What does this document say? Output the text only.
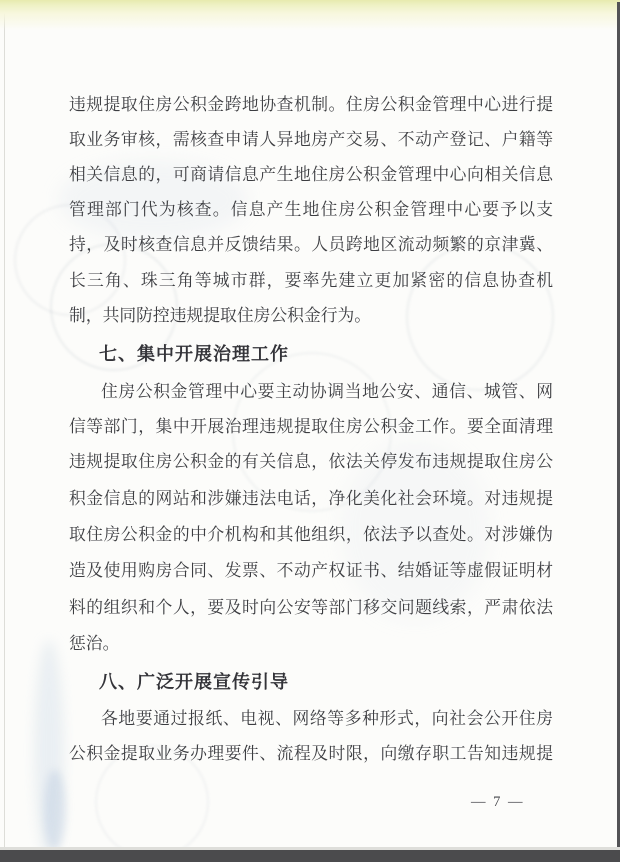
违规提取住房公积金跨地协查机制。住房公积金管理中心进行提
取业务审核，需核查申请人异地房产交易、不动产登记、户籍等
相关信息的，可商请信息产生地住房公积金管理中心向相关信息
管理部门代为核查。信息产生地住房公积金管理中心要予以支
持，及时核查信息并反馈结果。人员跨地区流动频繁的京津冀、
长三角、珠三角等城市群，要率先建立更加紧密的信息协查机
制，共同防控违规提取住房公积金行为。
七、集中开展治理工作
住房公积金管理中心要主动协调当地公安、通信、城管、网
信等部门，集中开展治理违规提取住房公积金工作。要全面清理
违规提取住房公积金的有关信息，依法关停发布违规提取住房公
积金信息的网站和涉嫌违法电话，净化美化社会环境。对违规提
取住房公积金的中介机构和其他组织，依法予以查处。对涉嫌伪
造及使用购房合同、发票、不动产权证书、结婚证等虚假证明材
料的组织和个人，要及时向公安等部门移交问题线索，严肃依法
惩治。
八、广泛开展宣传引导
各地要通过报纸、电视、网络等多种形式，向社会公开住房
公积金提取业务办理要件、流程及时限，向缴存职工告知违规提
— 7 —
